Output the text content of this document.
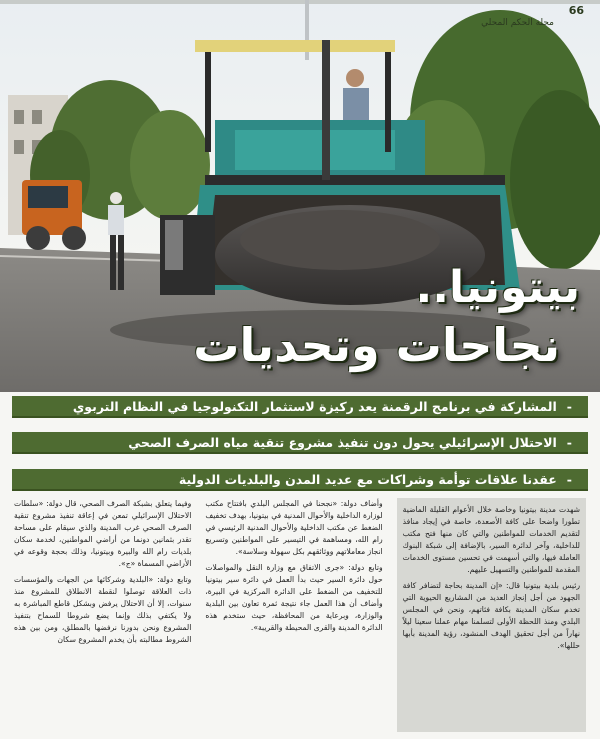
66
مجلة الحكم المحلي
بيتونيا..
نجاحات وتحديات
-المشاركة في برنامج الرقمنة يعد ركيزة لاستثمار التكنولوجيا في النظام التربوي
-الاحتلال الإسرائيلي يحول دون تنفيذ مشروع تنقية مياه الصرف الصحي
-عقدنا علاقات توأمة وشراكات مع عديد المدن والبلديات الدولية

شهدت مدينة بيتونيا وخاصة خلال الأعوام القليلة الماضية تطورا واضحا على كافة الأصعدة، خاصة في إيجاد منافذ لتقديم الخدمات للمواطنين والتي كان منها فتح مكتب للداخلية، وآخر لدائرة السير، بالإضافة إلى شبكة البنوك العاملة فيها، والتي أسهمت في تحسين مستوى الخدمات المقدمة للمواطنين والتسهيل عليهم.

رئيس بلدية بيتونيا قال: «إن المدينة بحاجة لتضافر كافة الجهود من أجل إنجاز العديد من المشاريع الحيوية التي تخدم سكان المدينة بكافة فئاتهم، ونحن في المجلس البلدي ومنذ اللحظة الأولى لتسلمنا مهام عملنا سعينا ليلاً نهاراً من أجل تحقيق الهدف المنشود، رؤية المدينة بأبها حللها».

وأضاف دولة: «نجحنا في المجلس البلدي بافتتاح مكتب لوزارة الداخلية والأحوال المدنية في بيتونيا، بهدف تخفيف الضغط عن مكتب الداخلية والأحوال المدنية الرئيسي في رام الله، ومساهمة في التيسير على المواطنين وتسريع انجاز معاملاتهم ووثائقهم بكل سهولة وسلاسة».

وتابع دولة: «جرى الاتفاق مع وزارة النقل والمواصلات حول دائرة السير حيث بدأ العمل في دائرة سير بيتونيا للتخفيف من الضغط على الدائرة المركزية في البيرة، وأضاف أن هذا العمل جاء نتيجة ثمرة تعاون بين البلدية والوزارة، وبرعاية من المحافظة، حيث ستخدم هذه الدائرة المدينة والقرى المحيطة والقريبة».

وفيما يتعلق بشبكة الصرف الصحي، قال دولة: «سلطات الاحتلال الإسرائيلي تمعن في إعاقة تنفيذ مشروع تنقية الصرف الصحي غرب المدينة والذي سيقام على مساحة تقدر بثمانين دونما من أراضي المواطنين، لخدمة سكان بلديات رام الله والبيرة وبيتونيا، وذلك بحجة وقوعه في الأراضي المسماة «ج».

وتابع دولة: «البلدية وشركائها من الجهات والمؤسسات ذات العلاقة توصلوا لنقطة الانطلاق للمشروع منذ سنوات، إلا أن الاحتلال يرفض وبشكل قاطع المباشرة به ولا يكتفي بذلك وإنما يضع شروطا للسماح بتنفيذ المشروع ونحن بدورنا نرفضها بالمطلق، ومن بين هذه الشروط مطالبته بأن يخدم المشروع سكان
